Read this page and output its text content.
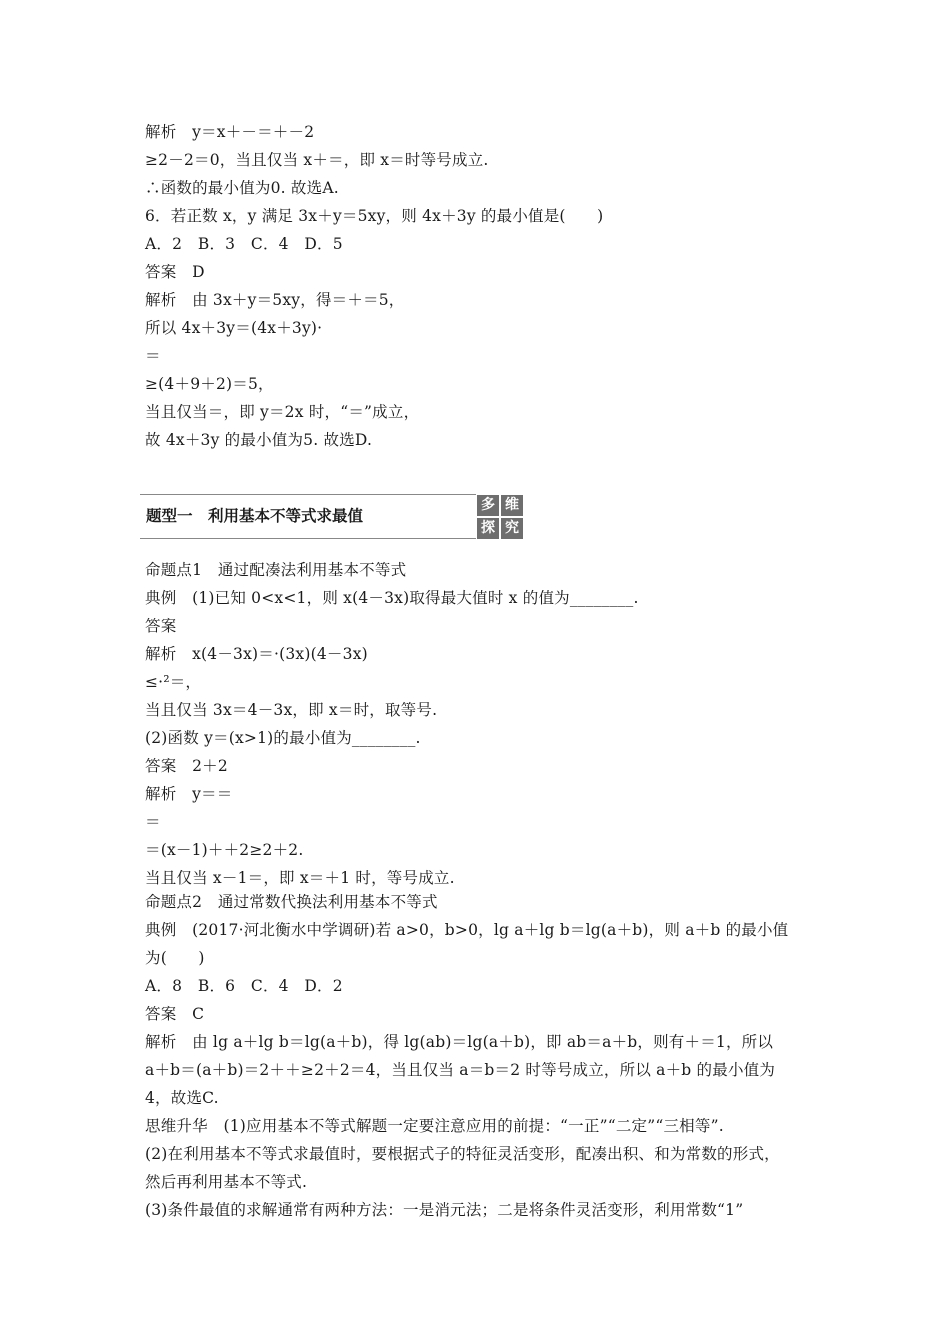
解析　y＝x＋－＝＋－2
≥2－2＝0，当且仅当 x＋＝，即 x＝时等号成立.
∴函数的最小值为0. 故选A.
6．若正数 x，y 满足 3x＋y＝5xy，则 4x＋3y 的最小值是(　　)
A．2　B．3　C．4　D．5
答案　D
解析　由 3x＋y＝5xy，得＝＋＝5，
所以 4x＋3y＝(4x＋3y)·
＝
≥(4＋9＋2)＝5，
当且仅当＝，即 y＝2x 时，“＝”成立，
故 4x＋3y 的最小值为5. 故选D.
题型一　利用基本不等式求最值
多 维
探 究
命题点1　通过配凑法利用基本不等式
典例　(1)已知 0<x<1，则 x(4－3x)取得最大值时 x 的值为________.
答案
解析　x(4－3x)＝·(3x)(4－3x)
≤·²＝，
当且仅当 3x＝4－3x，即 x＝时，取等号.
(2)函数 y＝(x>1)的最小值为________.
答案　2＋2
解析　y＝＝
＝
＝(x－1)＋＋2≥2＋2.
当且仅当 x－1＝，即 x＝＋1 时，等号成立.
命题点2　通过常数代换法利用基本不等式
典例　(2017·河北衡水中学调研)若 a>0，b>0，lg a＋lg b＝lg(a＋b)，则 a＋b 的最小值
为(　　)
A．8　B．6　C．4　D．2
答案　C
解析　由 lg a＋lg b＝lg(a＋b)，得 lg(ab)＝lg(a＋b)，即 ab＝a＋b，则有＋＝1，所以
a＋b＝(a＋b)＝2＋＋≥2＋2＝4，当且仅当 a＝b＝2 时等号成立，所以 a＋b 的最小值为
4，故选C.
思维升华　(1)应用基本不等式解题一定要注意应用的前提：“一正”“二定”“三相等”.
(2)在利用基本不等式求最值时，要根据式子的特征灵活变形，配凑出积、和为常数的形式，
然后再利用基本不等式.
(3)条件最值的求解通常有两种方法：一是消元法；二是将条件灵活变形，利用常数“1”
